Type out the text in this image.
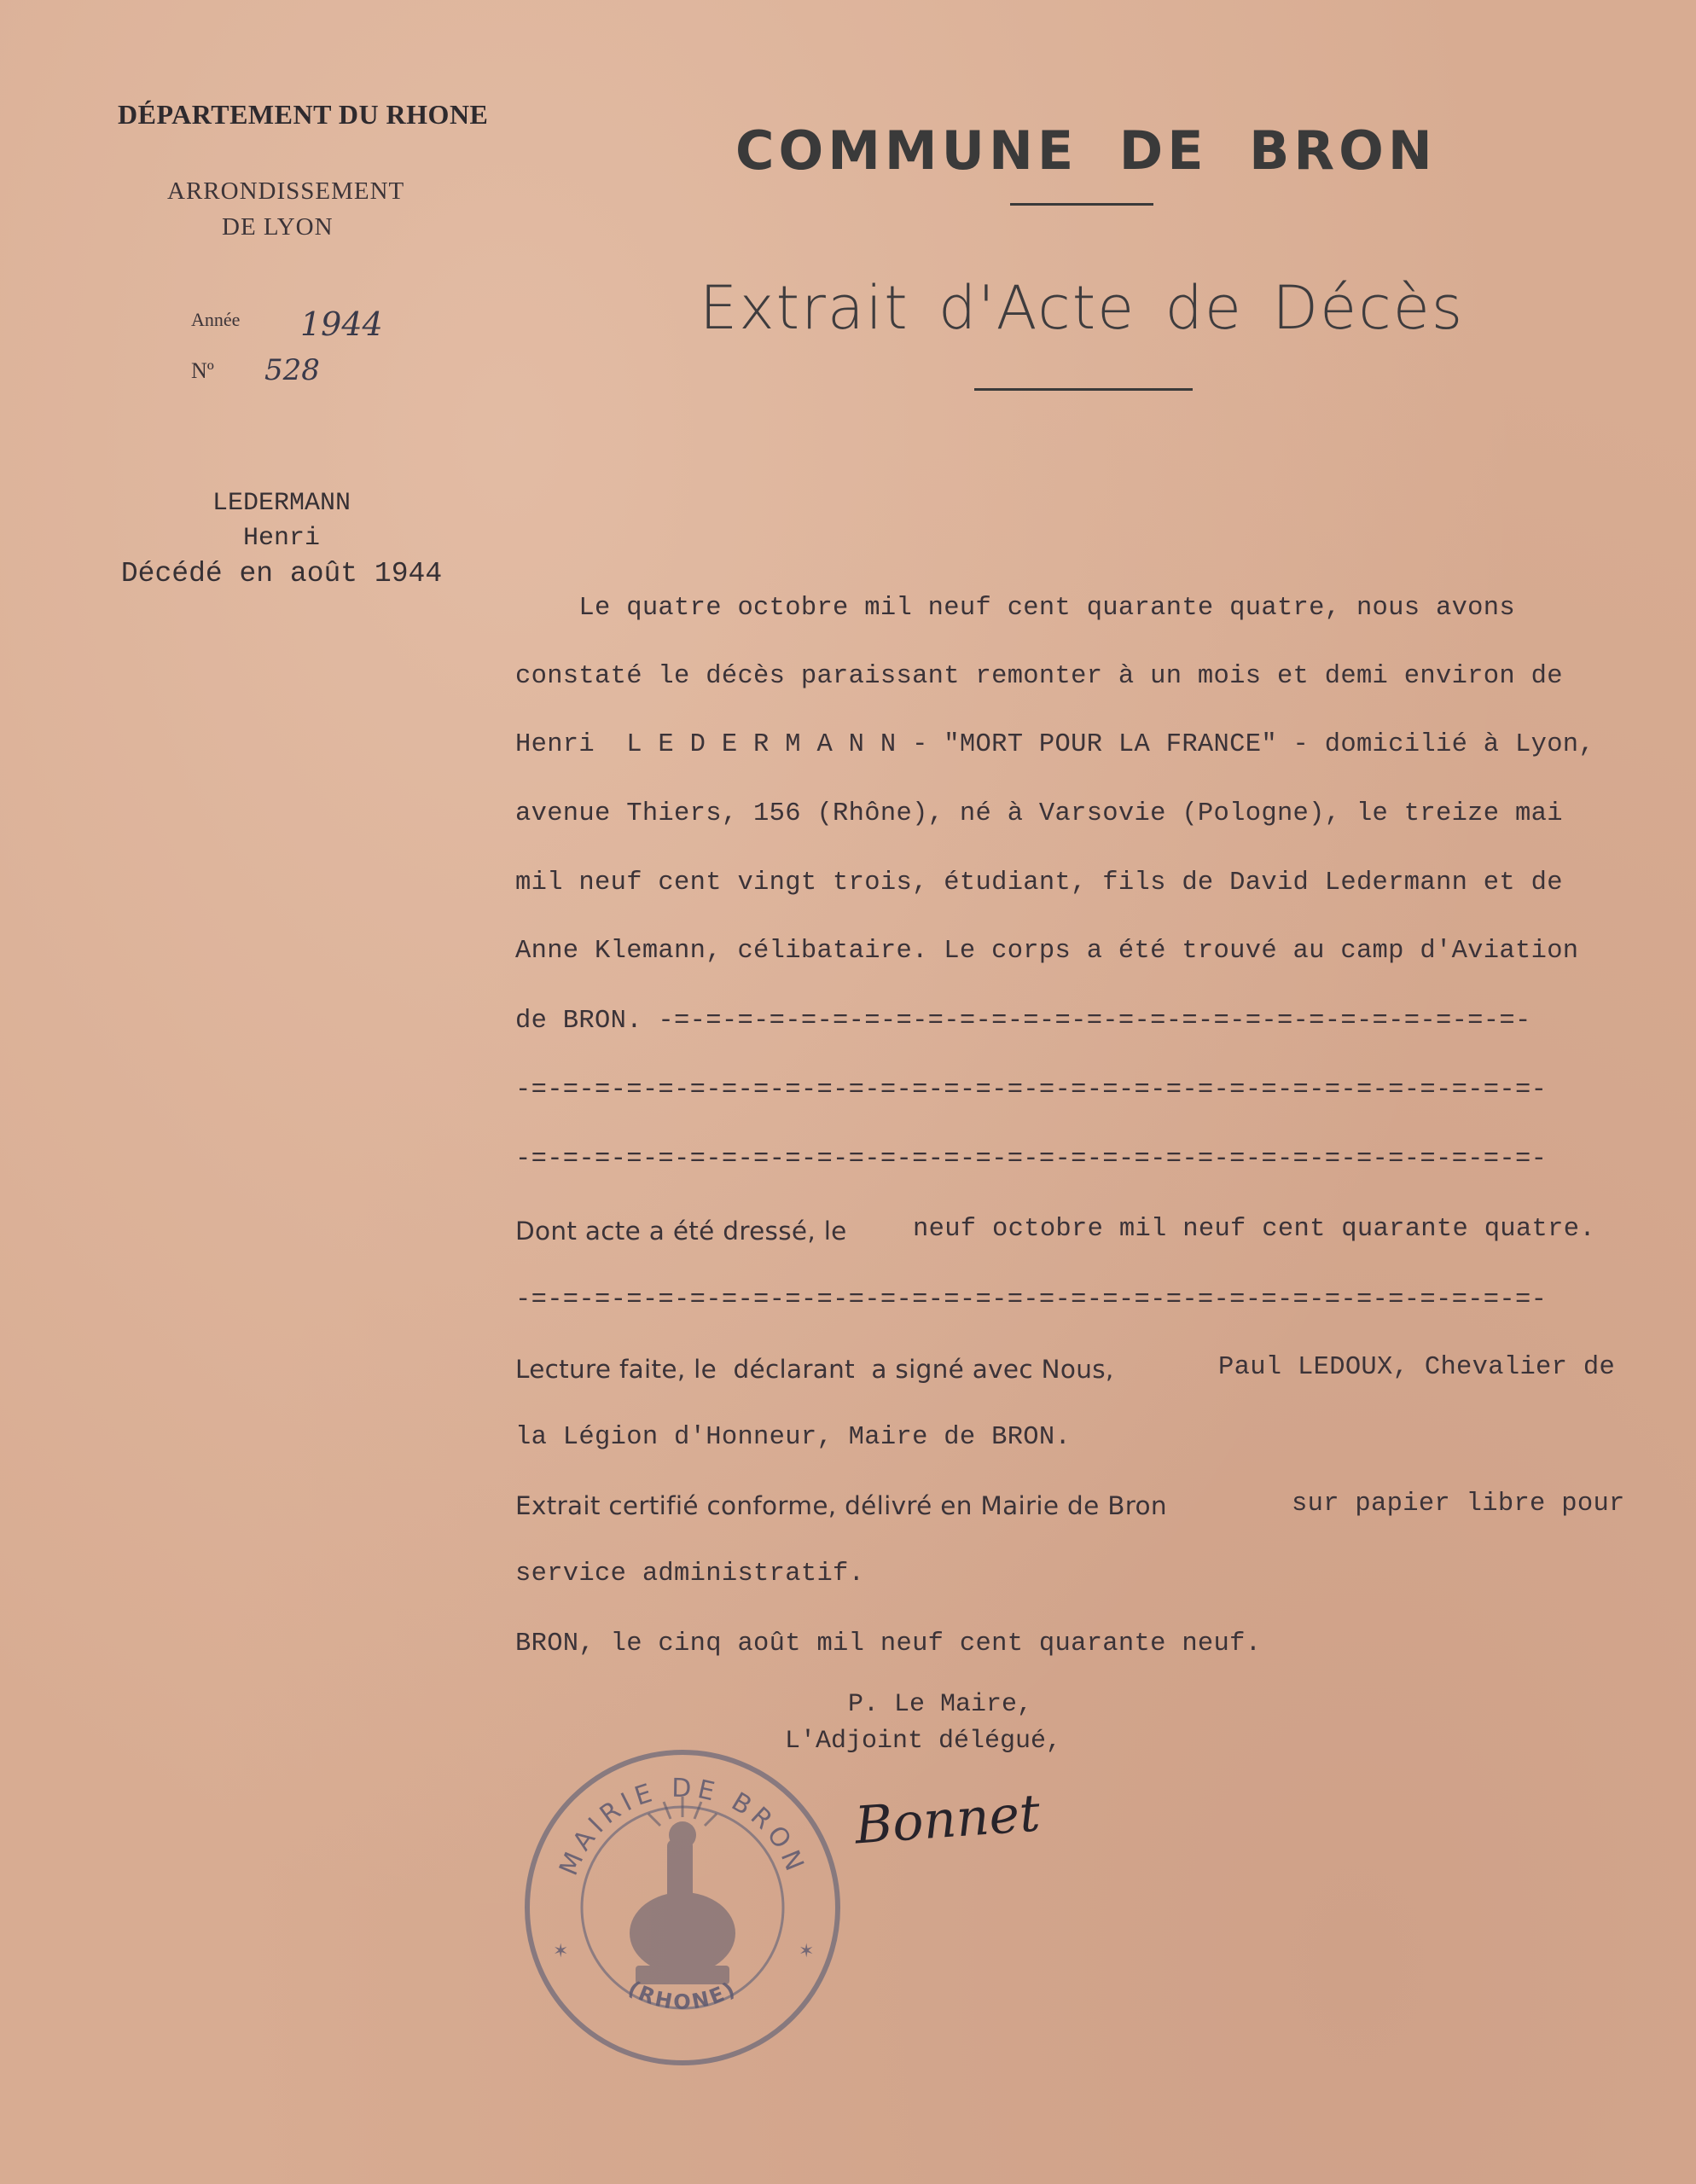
DÉPARTEMENT DU RHONE
ARRONDISSEMENT
DE LYON
Année 1944
Nº 528
LEDERMANN
Henri
Décédé en août 1944
COMMUNE DE BRON
Extrait d'Acte de Décès
Le quatre octobre mil neuf cent quarante quatre, nous avons
constaté le décès paraissant remonter à un mois et demi environ de
Henri  L E D E R M A N N - "MORT POUR LA FRANCE" - domicilié à Lyon,
avenue Thiers, 156 (Rhône), né à Varsovie (Pologne), le treize mai
mil neuf cent vingt trois, étudiant, fils de David Ledermann et de
Anne Klemann, célibataire. Le corps a été trouvé au camp d'Aviation
de BRON. -=-=-=-=-=-=-=-=-=-=-=-=-=-=-=-=-=-=-=-=-=-=-=-=-=-=-=-
-=-=-=-=-=-=-=-=-=-=-=-=-=-=-=-=-=-=-=-=-=-=-=-=-=-=-=-=-=-=-=-=-
-=-=-=-=-=-=-=-=-=-=-=-=-=-=-=-=-=-=-=-=-=-=-=-=-=-=-=-=-=-=-=-=-
Dont acte a été dressé, le	neuf octobre mil neuf cent quarante quatre.
-=-=-=-=-=-=-=-=-=-=-=-=-=-=-=-=-=-=-=-=-=-=-=-=-=-=-=-=-=-=-=-=-
Lecture faite, le  déclarant  a signé avec Nous,	Paul LEDOUX, Chevalier de
la Légion d'Honneur, Maire de BRON.
Extrait certifié conforme, délivré en Mairie de Bron	sur papier libre pour
service administratif.
BRON, le cinq août mil neuf cent quarante neuf.
P. Le Maire,
L'Adjoint délégué,
Bonnet
MAIRIE DE BRON
(RHONE)
✶	✶
